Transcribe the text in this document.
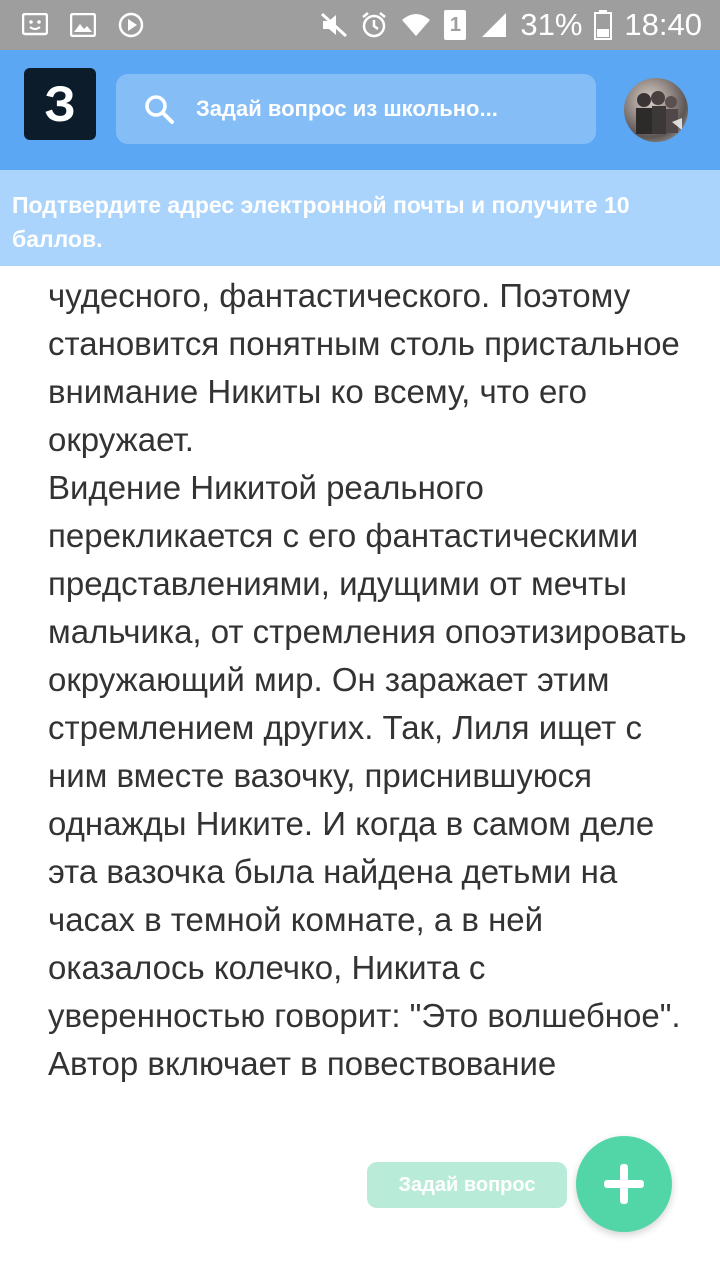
1 31% 18:40
З	Задай вопрос из школьно...
Подтвердите адрес электронной почты и получите 10 баллов.

чудесного, фантастического. Поэтому становится понятным столь пристальное внимание Никиты ко всему, что его окружает.

Видение Никитой реального перекликается с его фантастическими представлениями, идущими от мечты мальчика, от стремления опоэтизировать окружающий мир. Он заражает этим стремлением других. Так, Лиля ищет с ним вместе вазочку, приснившуюся однажды Никите. И когда в самом деле эта вазочка была найдена детьми на часах в темной комнате, а в ней оказалось колечко, Никита с уверенностью говорит: "Это волшебное".

Автор включает в повествование

Задай вопрос
